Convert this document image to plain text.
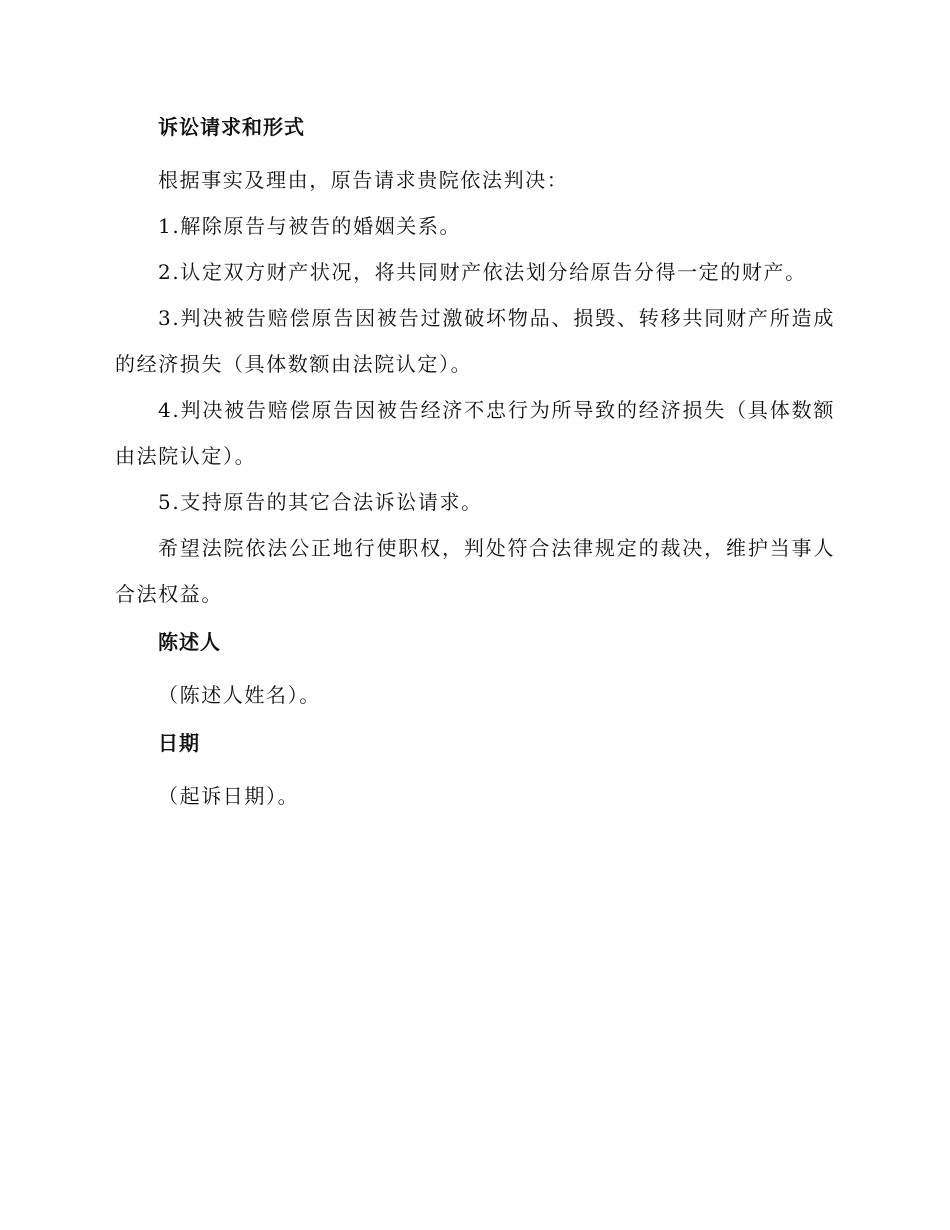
诉讼请求和形式

根据事实及理由，原告请求贵院依法判决：

1.解除原告与被告的婚姻关系。

2.认定双方财产状况，将共同财产依法划分给原告分得一定的财产。

3.判决被告赔偿原告因被告过激破坏物品、损毁、转移共同财产所造成的经济损失（具体数额由法院认定）。

4.判决被告赔偿原告因被告经济不忠行为所导致的经济损失（具体数额由法院认定）。

5.支持原告的其它合法诉讼请求。

希望法院依法公正地行使职权，判处符合法律规定的裁决，维护当事人合法权益。

陈述人

（陈述人姓名）。

日期

（起诉日期）。
